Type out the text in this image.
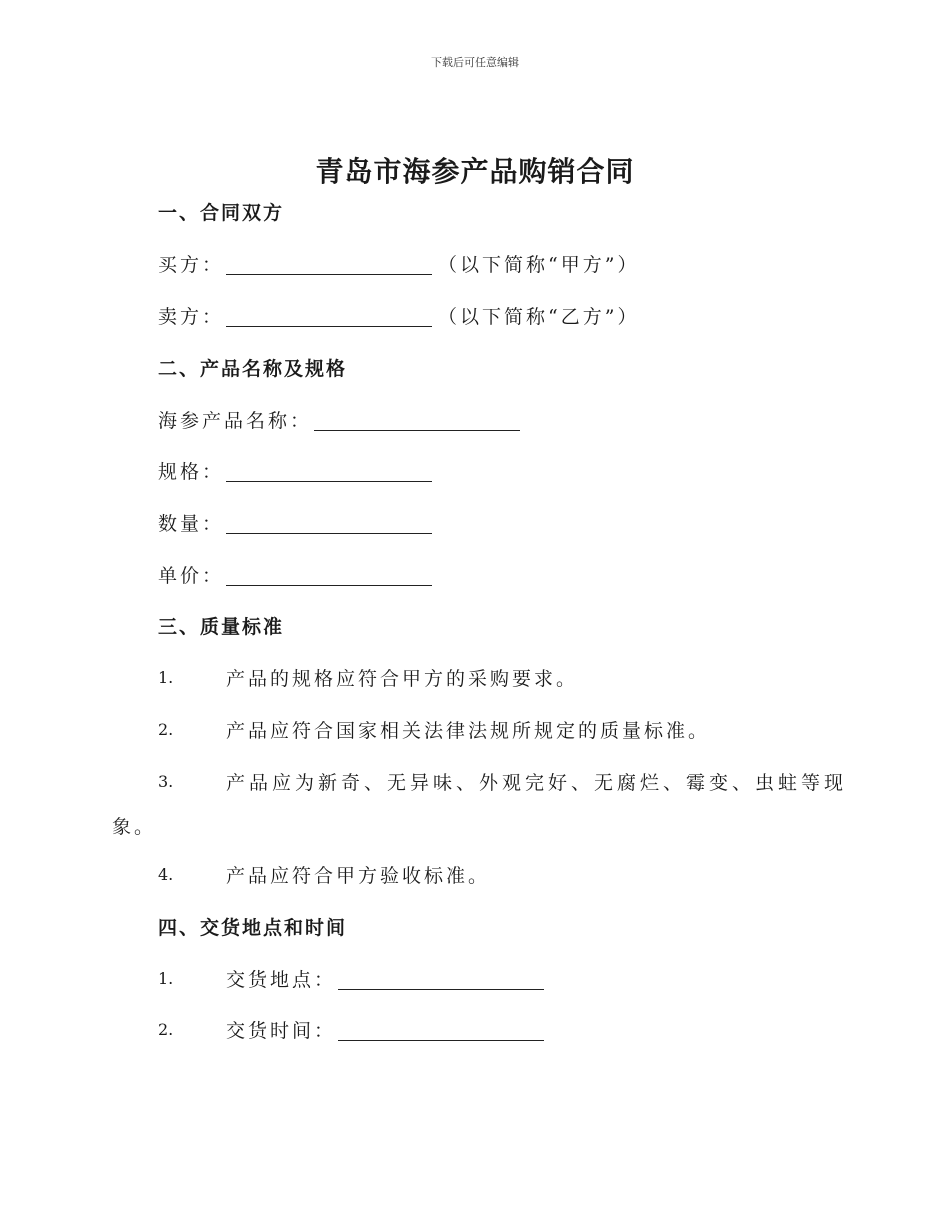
下载后可任意编辑
青岛市海参产品购销合同
一、合同双方
买方：	（以下简称“甲方”）
卖方：	（以下简称“乙方”）
二、产品名称及规格
海参产品名称：
规格：
数量：
单价：
三、质量标准
1.	产品的规格应符合甲方的采购要求。
2.	产品应符合国家相关法律法规所规定的质量标准。
3.	产品应为新奇、无异味、外观完好、无腐烂、霉变、虫蛀等现
象。
4.	产品应符合甲方验收标准。
四、交货地点和时间
1.	交货地点：
2.	交货时间：
